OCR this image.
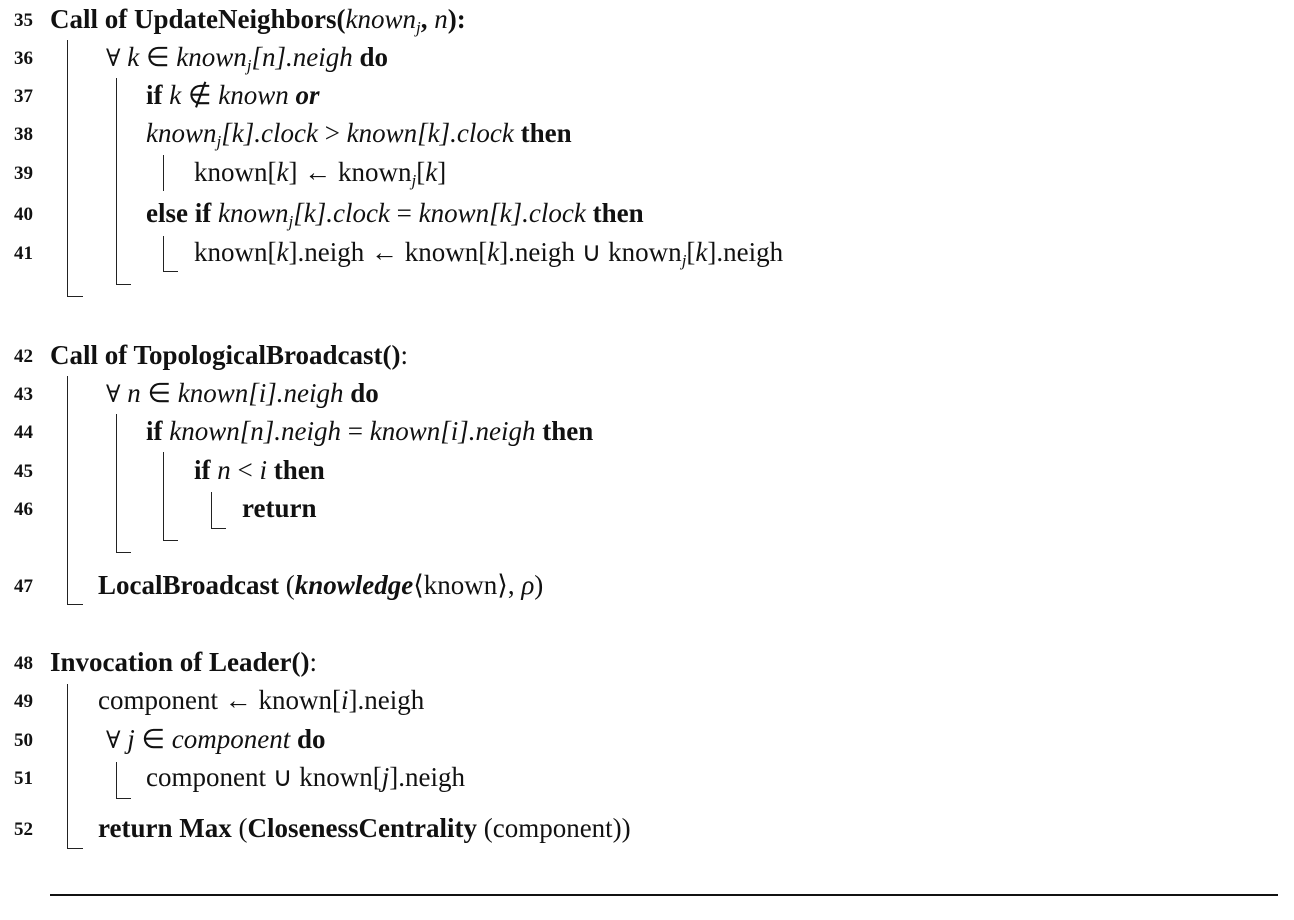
35 Call of UpdateNeighbors(known$_j$, n):
36	∀ k ∈ known$_j$[n].neigh do
37	if k ∉ known or
38	known$_j$[k].clock > known[k].clock then
39	known[k] ← known$_j$[k]
40	else if known$_j$[k].clock = known[k].clock then
41	known[k].neigh ← known[k].neigh ∪ known$_j$[k].neigh
42 Call of TopologicalBroadcast():
43	∀ n ∈ known[i].neigh do
44	if known[n].neigh = known[i].neigh then
45	if n < i then
46	return
47 LocalBroadcast (knowledge⟨known⟩, ρ)
48 Invocation of Leader():
49 component ← known[i].neigh
50	∀ j ∈ component do
51	component ∪ known[j].neigh
52 return Max (ClosenessCentrality (component))
